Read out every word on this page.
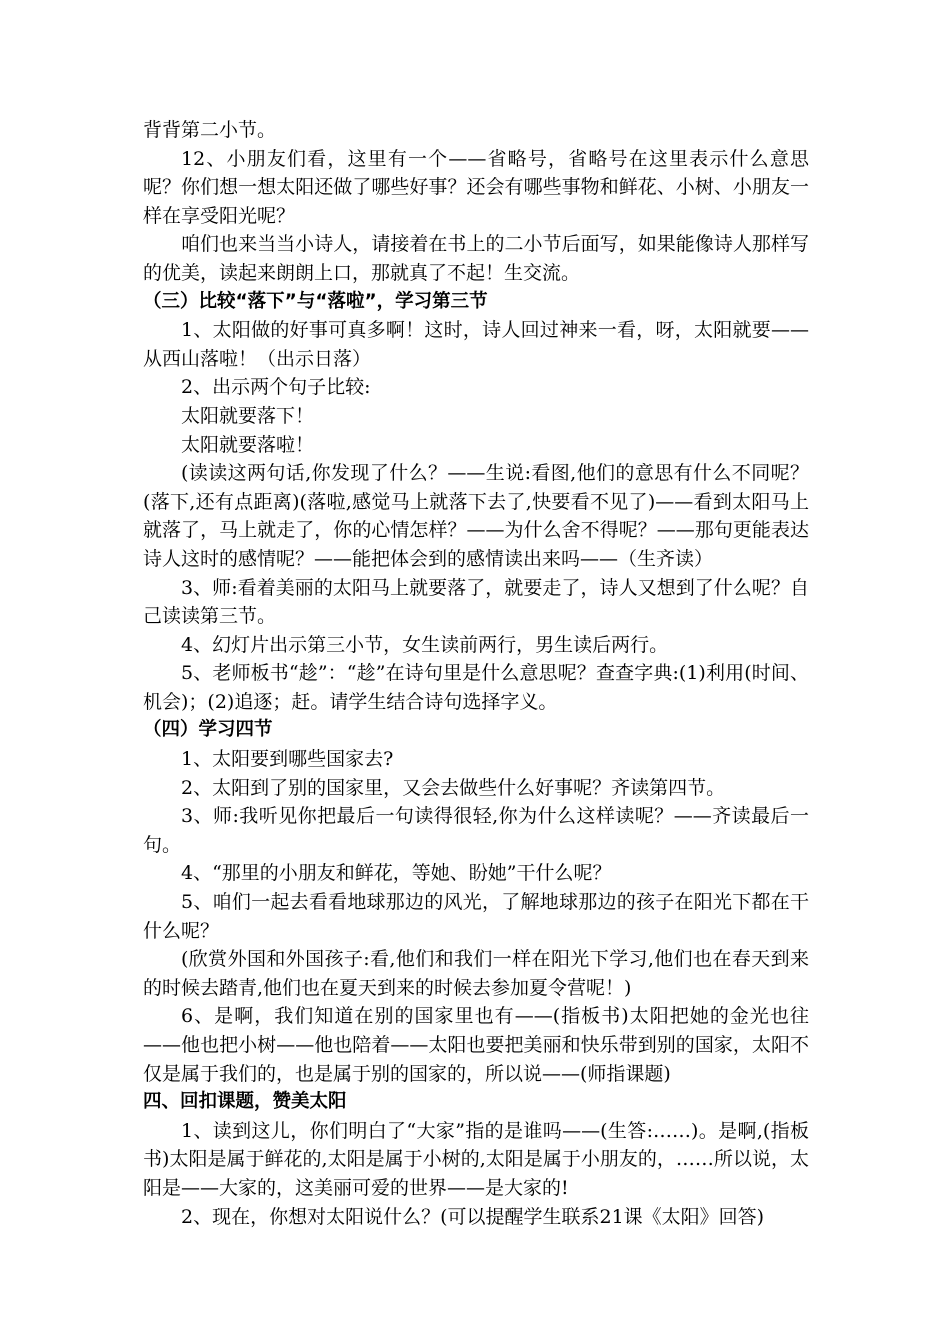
背背第二小节。

12、小朋友们看，这里有一个——省略号，省略号在这里表示什么意思呢？你们想一想太阳还做了哪些好事？还会有哪些事物和鲜花、小树、小朋友一样在享受阳光呢？

咱们也来当当小诗人，请接着在书上的二小节后面写，如果能像诗人那样写的优美，读起来朗朗上口，那就真了不起！生交流。

（三）比较“落下”与“落啦”，学习第三节

1、太阳做的好事可真多啊！这时，诗人回过神来一看，呀，太阳就要——从西山落啦！（出示日落）

2、出示两个句子比较:

太阳就要落下！

太阳就要落啦！

(读读这两句话,你发现了什么？——生说:看图,他们的意思有什么不同呢？(落下,还有点距离)(落啦,感觉马上就落下去了,快要看不见了)——看到太阳马上就落了，马上就走了，你的心情怎样？——为什么舍不得呢？——那句更能表达诗人这时的感情呢？——能把体会到的感情读出来吗——（生齐读）

3、师:看着美丽的太阳马上就要落了，就要走了，诗人又想到了什么呢？自己读读第三节。

4、幻灯片出示第三小节，女生读前两行，男生读后两行。

5、老师板书“趁”：“趁”在诗句里是什么意思呢？查查字典:(1)利用(时间、机会)；(2)追逐；赶。请学生结合诗句选择字义。

（四）学习四节

1、太阳要到哪些国家去?

2、太阳到了别的国家里，又会去做些什么好事呢？齐读第四节。

3、师:我听见你把最后一句读得很轻,你为什么这样读呢？——齐读最后一句。

4、“那里的小朋友和鲜花，等她、盼她”干什么呢？

5、咱们一起去看看地球那边的风光，了解地球那边的孩子在阳光下都在干什么呢？

(欣赏外国和外国孩子:看,他们和我们一样在阳光下学习,他们也在春天到来的时候去踏青,他们也在夏天到来的时候去参加夏令营呢！)

6、是啊，我们知道在别的国家里也有——(指板书)太阳把她的金光也往——他也把小树——他也陪着——太阳也要把美丽和快乐带到别的国家，太阳不仅是属于我们的，也是属于别的国家的，所以说——(师指课题)

四、回扣课题，赞美太阳

1、读到这儿，你们明白了“大家”指的是谁吗——(生答:……)。是啊,(指板书)太阳是属于鲜花的,太阳是属于小树的,太阳是属于小朋友的，……所以说，太阳是——大家的，这美丽可爱的世界——是大家的!

2、现在，你想对太阳说什么？(可以提醒学生联系21课《太阳》回答)
